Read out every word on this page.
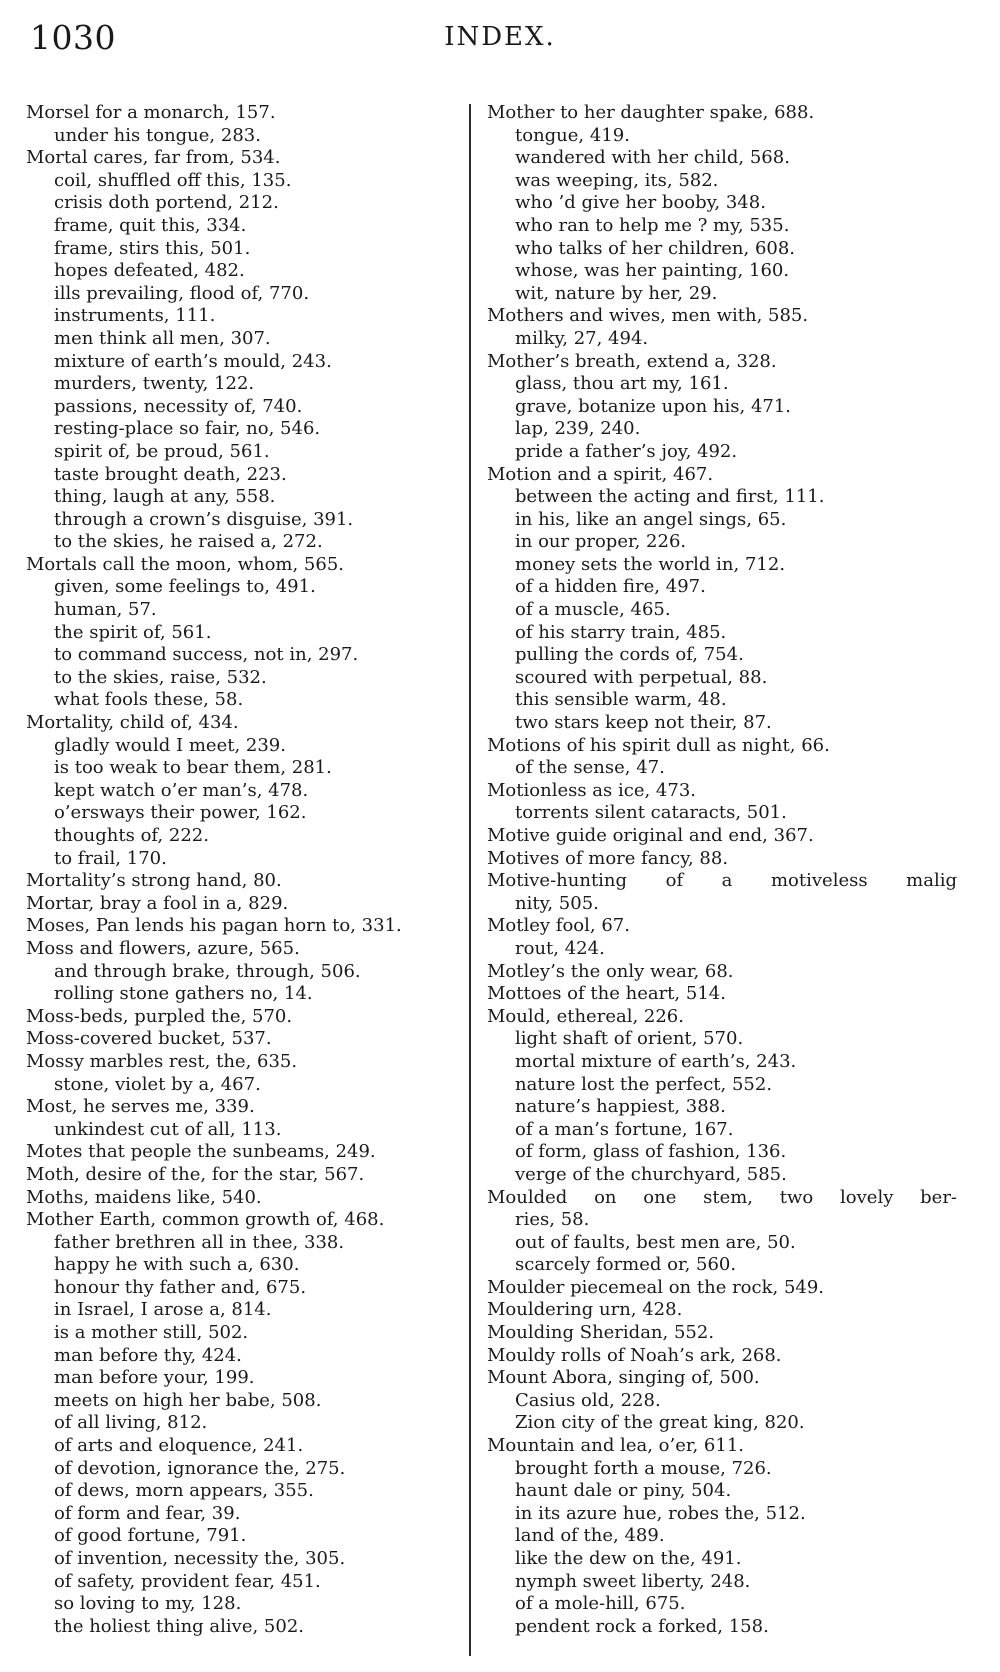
1030	INDEX.
Morsel for a monarch, 157.
under his tongue, 283.
Mortal cares, far from, 534.
coil, shuffled off this, 135.
crisis doth portend, 212.
frame, quit this, 334.
frame, stirs this, 501.
hopes defeated, 482.
ills prevailing, flood of, 770.
instruments, 111.
men think all men, 307.
mixture of earth’s mould, 243.
murders, twenty, 122.
passions, necessity of, 740.
resting-place so fair, no, 546.
spirit of, be proud, 561.
taste brought death, 223.
thing, laugh at any, 558.
through a crown’s disguise, 391.
to the skies, he raised a, 272.
Mortals call the moon, whom, 565.
given, some feelings to, 491.
human, 57.
the spirit of, 561.
to command success, not in, 297.
to the skies, raise, 532.
what fools these, 58.
Mortality, child of, 434.
gladly would I meet, 239.
is too weak to bear them, 281.
kept watch o’er man’s, 478.
o’ersways their power, 162.
thoughts of, 222.
to frail, 170.
Mortality’s strong hand, 80.
Mortar, bray a fool in a, 829.
Moses, Pan lends his pagan horn to, 331.
Moss and flowers, azure, 565.
and through brake, through, 506.
rolling stone gathers no, 14.
Moss-beds, purpled the, 570.
Moss-covered bucket, 537.
Mossy marbles rest, the, 635.
stone, violet by a, 467.
Most, he serves me, 339.
unkindest cut of all, 113.
Motes that people the sunbeams, 249.
Moth, desire of the, for the star, 567.
Moths, maidens like, 540.
Mother Earth, common growth of, 468.
father brethren all in thee, 338.
happy he with such a, 630.
honour thy father and, 675.
in Israel, I arose a, 814.
is a mother still, 502.
man before thy, 424.
man before your, 199.
meets on high her babe, 508.
of all living, 812.
of arts and eloquence, 241.
of devotion, ignorance the, 275.
of dews, morn appears, 355.
of form and fear, 39.
of good fortune, 791.
of invention, necessity the, 305.
of safety, provident fear, 451.
so loving to my, 128.
the holiest thing alive, 502.
Mother to her daughter spake, 688.
tongue, 419.
wandered with her child, 568.
was weeping, its, 582.
who ’d give her booby, 348.
who ran to help me ? my, 535.
who talks of her children, 608.
whose, was her painting, 160.
wit, nature by her, 29.
Mothers and wives, men with, 585.
milky, 27, 494.
Mother’s breath, extend a, 328.
glass, thou art my, 161.
grave, botanize upon his, 471.
lap, 239, 240.
pride a father’s joy, 492.
Motion and a spirit, 467.
between the acting and first, 111.
in his, like an angel sings, 65.
in our proper, 226.
money sets the world in, 712.
of a hidden fire, 497.
of a muscle, 465.
of his starry train, 485.
pulling the cords of, 754.
scoured with perpetual, 88.
this sensible warm, 48.
two stars keep not their, 87.
Motions of his spirit dull as night, 66.
of the sense, 47.
Motionless as ice, 473.
torrents silent cataracts, 501.
Motive guide original and end, 367.
Motives of more fancy, 88.
Motive-hunting of a motiveless malig
nity, 505.
Motley fool, 67.
rout, 424.
Motley’s the only wear, 68.
Mottoes of the heart, 514.
Mould, ethereal, 226.
light shaft of orient, 570.
mortal mixture of earth’s, 243.
nature lost the perfect, 552.
nature’s happiest, 388.
of a man’s fortune, 167.
of form, glass of fashion, 136.
verge of the churchyard, 585.
Moulded on one stem, two lovely ber-
ries, 58.
out of faults, best men are, 50.
scarcely formed or, 560.
Moulder piecemeal on the rock, 549.
Mouldering urn, 428.
Moulding Sheridan, 552.
Mouldy rolls of Noah’s ark, 268.
Mount Abora, singing of, 500.
Casius old, 228.
Zion city of the great king, 820.
Mountain and lea, o’er, 611.
brought forth a mouse, 726.
haunt dale or piny, 504.
in its azure hue, robes the, 512.
land of the, 489.
like the dew on the, 491.
nymph sweet liberty, 248.
of a mole-hill, 675.
pendent rock a forked, 158.
